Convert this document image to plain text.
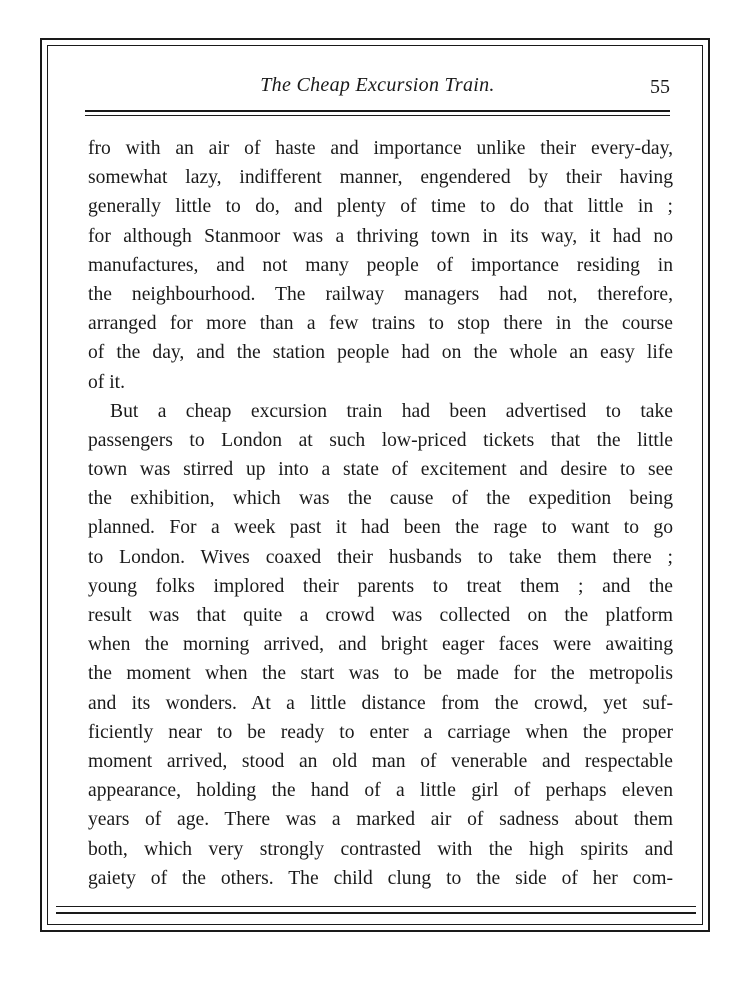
The Cheap Excursion Train.	55
fro with an air of haste and importance unlike their every-day,
somewhat lazy, indifferent manner, engendered by their having
generally little to do, and plenty of time to do that little in ;
for although Stanmoor was a thriving town in its way, it had no
manufactures, and not many people of importance residing in
the neighbourhood. The railway managers had not, therefore,
arranged for more than a few trains to stop there in the course
of the day, and the station people had on the whole an easy life
of it.
But a cheap excursion train had been advertised to take
passengers to London at such low-priced tickets that the little
town was stirred up into a state of excitement and desire to see
the exhibition, which was the cause of the expedition being
planned. For a week past it had been the rage to want to go
to London. Wives coaxed their husbands to take them there ;
young folks implored their parents to treat them ; and the
result was that quite a crowd was collected on the platform
when the morning arrived, and bright eager faces were awaiting
the moment when the start was to be made for the metropolis
and its wonders. At a little distance from the crowd, yet suf-
ficiently near to be ready to enter a carriage when the proper
moment arrived, stood an old man of venerable and respectable
appearance, holding the hand of a little girl of perhaps eleven
years of age. There was a marked air of sadness about them
both, which very strongly contrasted with the high spirits and
gaiety of the others. The child clung to the side of her com-
